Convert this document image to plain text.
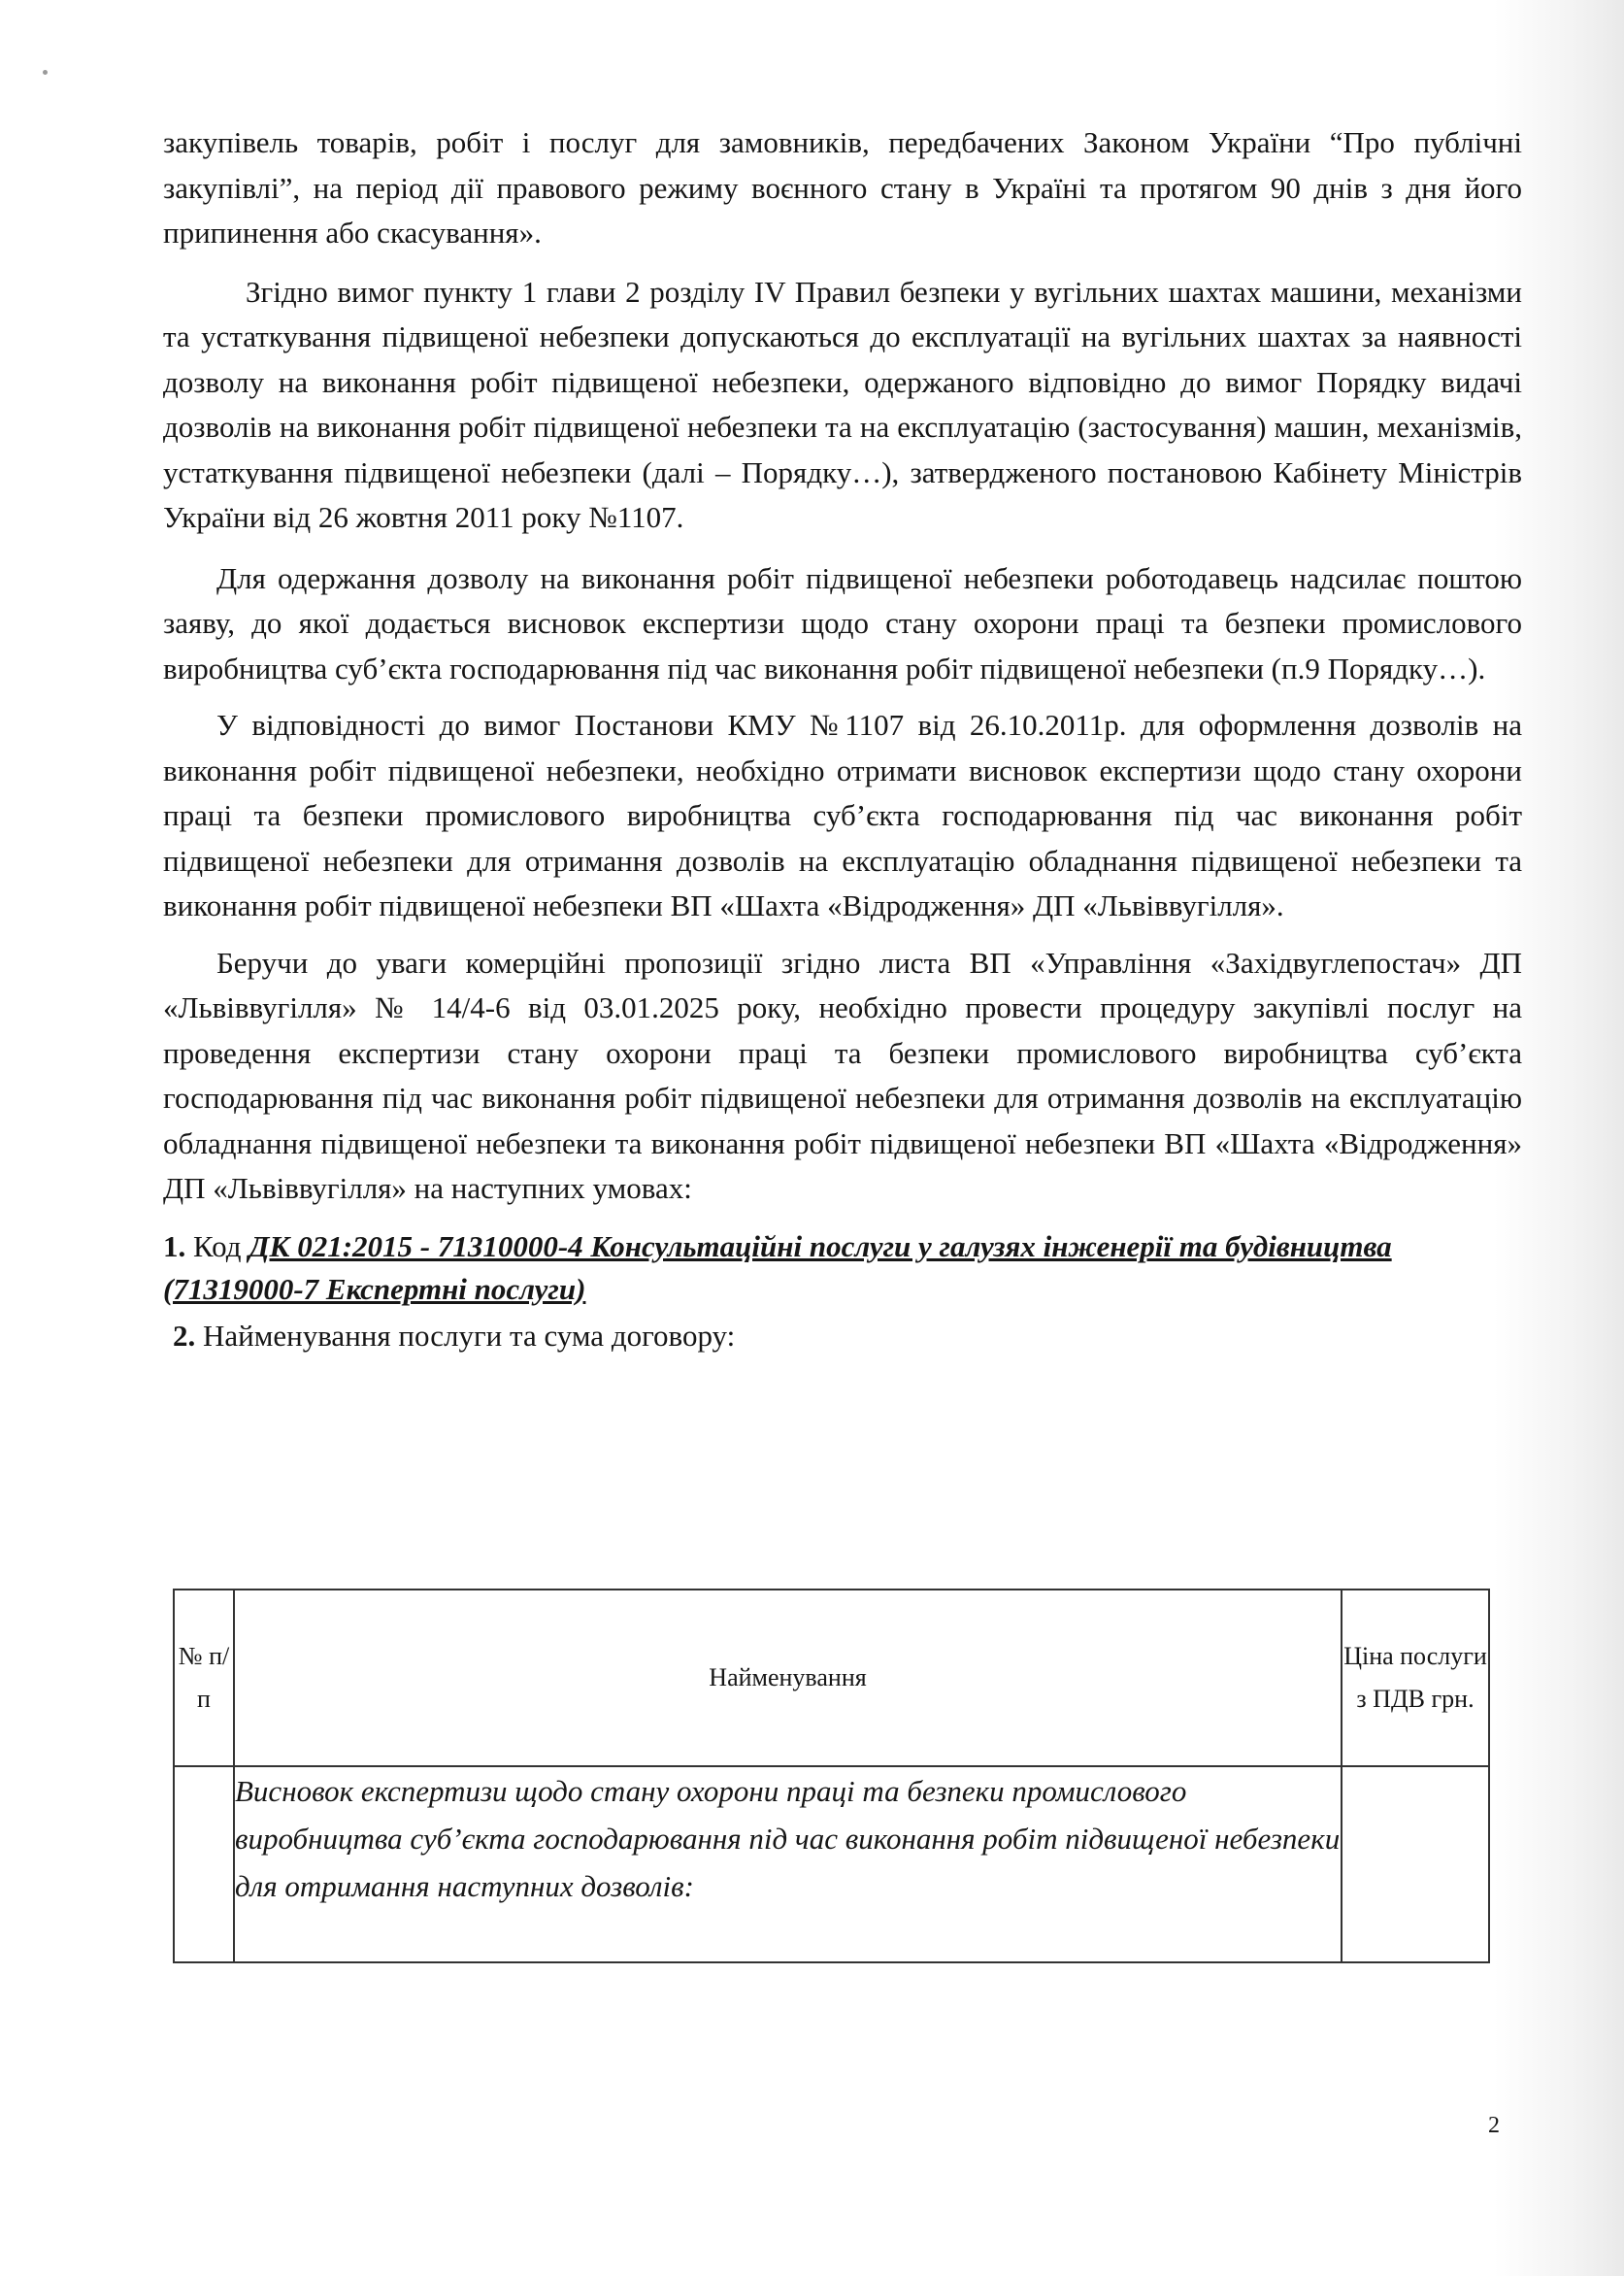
закупівель товарів, робіт і послуг для замовників, передбачених Законом України “Про публічні закупівлі”, на період дії правового режиму воєнного стану в Україні та протягом 90 днів з дня його припинення або скасування».

Згідно вимог пункту 1 глави 2 розділу IV Правил безпеки у вугільних шахтах машини, механізми та устаткування підвищеної небезпеки допускаються до експлуатації на вугільних шахтах за наявності дозволу на виконання робіт підвищеної небезпеки, одержаного відповідно до вимог Порядку видачі дозволів на виконання робіт підвищеної небезпеки та на експлуатацію (застосування) машин, механізмів, устаткування підвищеної небезпеки (далі – Порядку…), затвердженого постановою Кабінету Міністрів України від 26 жовтня 2011 року №1107.

Для одержання дозволу на виконання робіт підвищеної небезпеки роботодавець надсилає поштою заяву, до якої додається висновок експертизи щодо стану охорони праці та безпеки промислового виробництва суб’єкта господарювання під час виконання робіт підвищеної небезпеки (п.9 Порядку…).

У відповідності до вимог Постанови КМУ №1107 від 26.10.2011р. для оформлення дозволів на виконання робіт підвищеної небезпеки, необхідно отримати висновок експертизи щодо стану охорони праці та безпеки промислового виробництва суб’єкта господарювання під час виконання робіт підвищеної небезпеки для отримання дозволів на експлуатацію обладнання підвищеної небезпеки та виконання робіт підвищеної небезпеки ВП «Шахта «Відродження» ДП «Львіввугілля».

Беручи до уваги комерційні пропозиції згідно листа ВП «Управління «Західвуглепостач» ДП «Львіввугілля» № 14/4-6 від 03.01.2025 року, необхідно провести процедуру закупівлі послуг на проведення експертизи стану охорони праці та безпеки промислового виробництва суб’єкта господарювання під час виконання робіт підвищеної небезпеки для отримання дозволів на експлуатацію обладнання підвищеної небезпеки та виконання робіт підвищеної небезпеки ВП «Шахта «Відродження» ДП «Львіввугілля» на наступних умовах:

1. Код ДК 021:2015 - 71310000-4 Консультаційні послуги у галузях інженерії та будівництва (71319000-7 Експертні послуги)
2. Найменування послуги та сума договору:
№ п/п	Найменування	Ціна послуги з ПДВ грн.
	Висновок експертизи щодо стану охорони праці та безпеки промислового виробництва суб’єкта господарювання під час виконання робіт підвищеної небезпеки для отримання наступних дозволів:	
2
